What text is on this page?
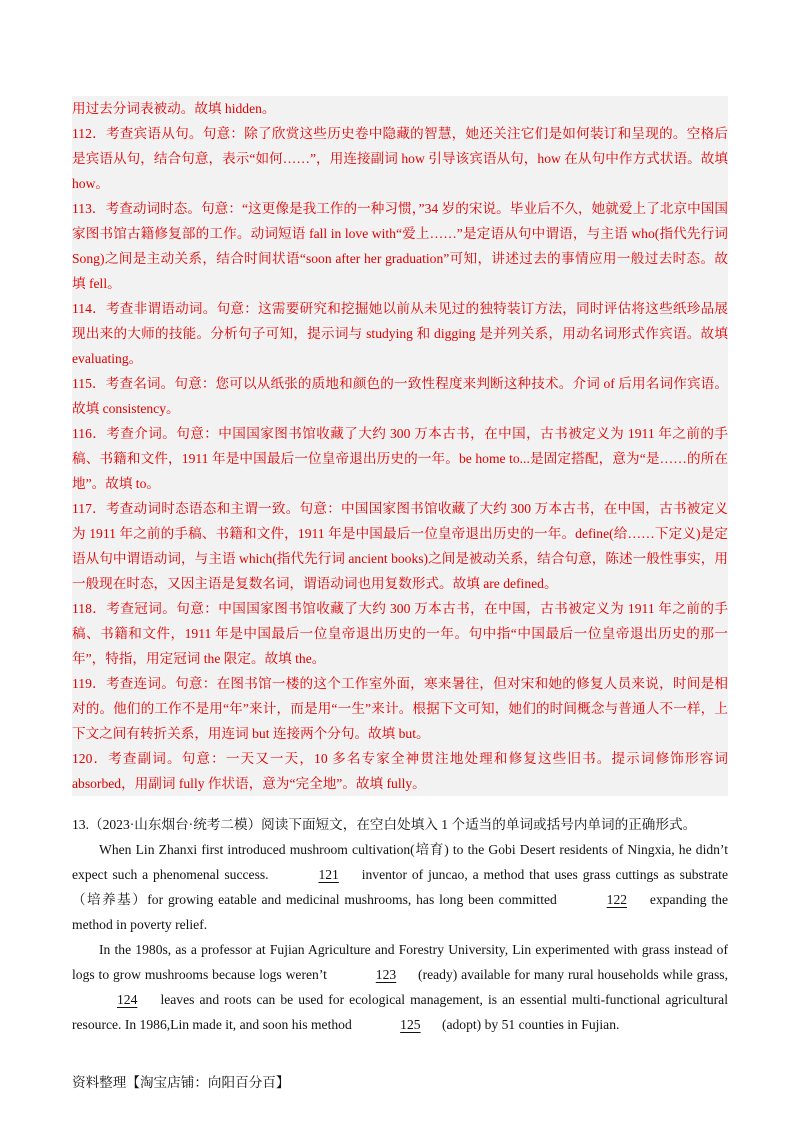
用过去分词表被动。故填 hidden。

112．考查宾语从句。句意：除了欣赏这些历史卷中隐藏的智慧，她还关注它们是如何装订和呈现的。空格后是宾语从句，结合句意，表示“如何……”，用连接副词 how 引导该宾语从句，how 在从句中作方式状语。故填 how。

113．考查动词时态。句意：“这更像是我工作的一种习惯，”34 岁的宋说。毕业后不久，她就爱上了北京中国国家图书馆古籍修复部的工作。动词短语 fall in love with“爱上……”是定语从句中谓语，与主语 who(指代先行词 Song)之间是主动关系，结合时间状语“soon after her graduation”可知，讲述过去的事情应用一般过去时态。故填 fell。

114．考查非谓语动词。句意：这需要研究和挖掘她以前从未见过的独特装订方法，同时评估将这些纸珍品展现出来的大师的技能。分析句子可知，提示词与 studying 和 digging 是并列关系，用动名词形式作宾语。故填 evaluating。

115．考查名词。句意：您可以从纸张的质地和颜色的一致性程度来判断这种技术。介词 of 后用名词作宾语。故填 consistency。

116．考查介词。句意：中国国家图书馆收藏了大约 300 万本古书，在中国，古书被定义为 1911 年之前的手稿、书籍和文件，1911 年是中国最后一位皇帝退出历史的一年。be home to...是固定搭配，意为“是……的所在地”。故填 to。

117．考查动词时态语态和主谓一致。句意：中国国家图书馆收藏了大约 300 万本古书，在中国，古书被定义为 1911 年之前的手稿、书籍和文件，1911 年是中国最后一位皇帝退出历史的一年。define(给……下定义)是定语从句中谓语动词，与主语 which(指代先行词 ancient books)之间是被动关系，结合句意，陈述一般性事实，用一般现在时态，又因主语是复数名词，谓语动词也用复数形式。故填 are defined。

118．考查冠词。句意：中国国家图书馆收藏了大约 300 万本古书，在中国，古书被定义为 1911 年之前的手稿、书籍和文件，1911 年是中国最后一位皇帝退出历史的一年。句中指“中国最后一位皇帝退出历史的那一年”，特指，用定冠词 the 限定。故填 the。

119．考查连词。句意：在图书馆一楼的这个工作室外面，寒来暑往，但对宋和她的修复人员来说，时间是相对的。他们的工作不是用“年”来计，而是用“一生”来计。根据下文可知，她们的时间概念与普通人不一样，上下文之间有转折关系，用连词 but 连接两个分句。故填 but。

120．考查副词。句意：一天又一天，10 多名专家全神贯注地处理和修复这些旧书。提示词修饰形容词 absorbed，用副词 fully 作状语，意为“完全地”。故填 fully。

13.（2023·山东烟台·统考二模）阅读下面短文，在空白处填入 1 个适当的单词或括号内单词的正确形式。

When Lin Zhanxi first introduced mushroom cultivation(培育) to the Gobi Desert residents of Ningxia, he didn’t expect such a phenomenal success.	121 inventor of juncao, a method that uses grass cuttings as substrate（培养基）for growing eatable and medicinal mushrooms, has long been committed	122 expanding the method in poverty relief.

In the 1980s, as a professor at Fujian Agriculture and Forestry University, Lin experimented with grass instead of logs to grow mushrooms because logs weren’t	123 (ready) available for many rural households while grass, 124 leaves and roots can be used for ecological management, is an essential multi-functional agricultural resource. In 1986,Lin made it, and soon his method	125 (adopt) by 51 counties in Fujian.

资料整理【淘宝店铺：向阳百分百】
